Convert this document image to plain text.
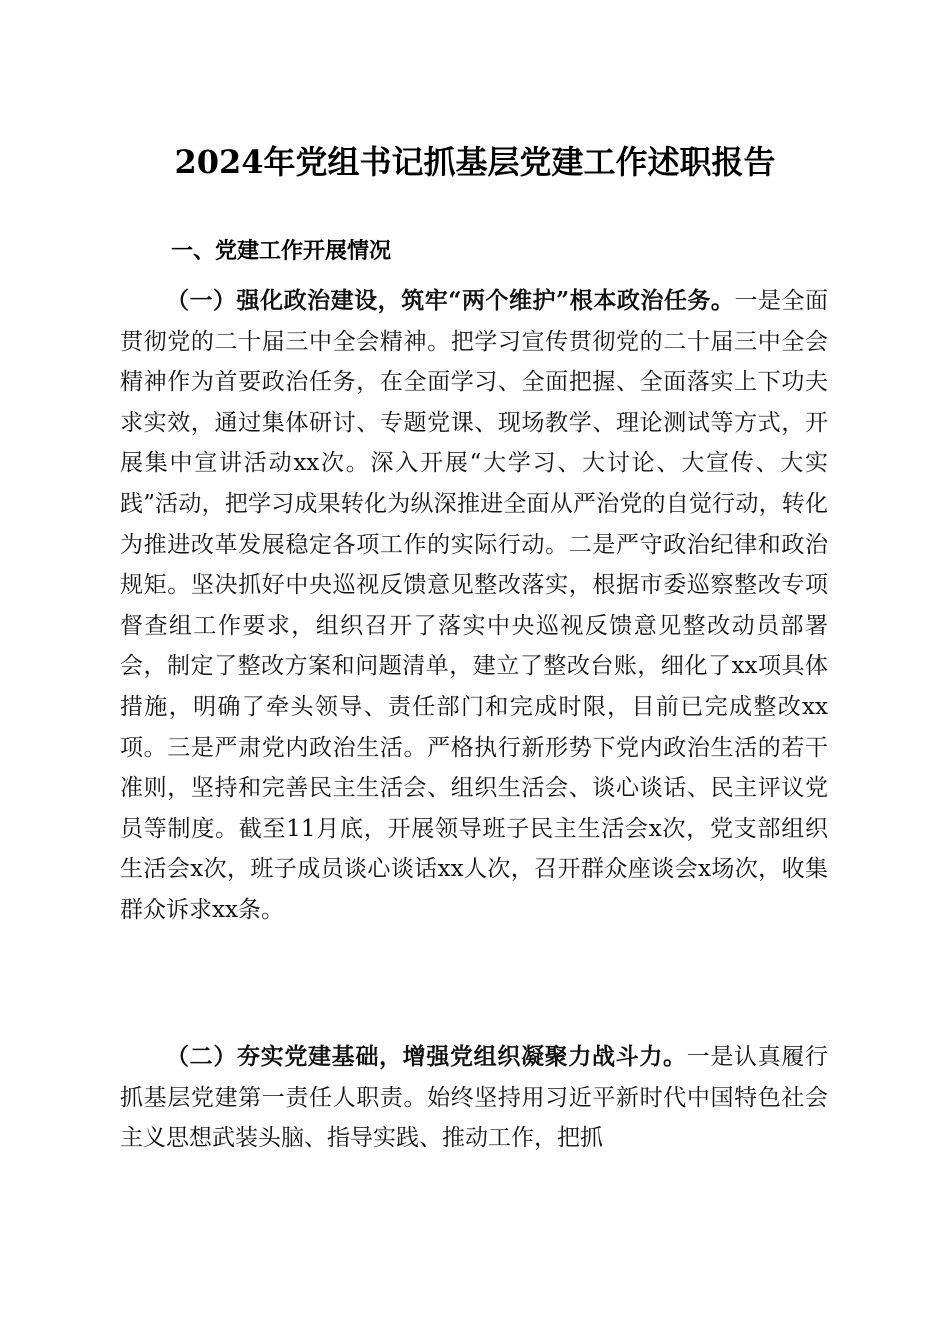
2024年党组书记抓基层党建工作述职报告
一、党建工作开展情况

（一）强化政治建设，筑牢“两个维护”根本政治任务。一是全面贯彻党的二十届三中全会精神。把学习宣传贯彻党的二十届三中全会精神作为首要政治任务，在全面学习、全面把握、全面落实上下功夫求实效，通过集体研讨、专题党课、现场教学、理论测试等方式，开展集中宣讲活动xx次。深入开展“大学习、大讨论、大宣传、大实践”活动，把学习成果转化为纵深推进全面从严治党的自觉行动，转化为推进改革发展稳定各项工作的实际行动。二是严守政治纪律和政治规矩。坚决抓好中央巡视反馈意见整改落实，根据市委巡察整改专项督查组工作要求，组织召开了落实中央巡视反馈意见整改动员部署会，制定了整改方案和问题清单，建立了整改台账，细化了xx项具体措施，明确了牵头领导、责任部门和完成时限，目前已完成整改xx项。三是严肃党内政治生活。严格执行新形势下党内政治生活的若干准则，坚持和完善民主生活会、组织生活会、谈心谈话、民主评议党员等制度。截至11月底，开展领导班子民主生活会x次，党支部组织生活会x次，班子成员谈心谈话xx人次，召开群众座谈会x场次，收集群众诉求xx条。

（二）夯实党建基础，增强党组织凝聚力战斗力。一是认真履行抓基层党建第一责任人职责。始终坚持用习近平新时代中国特色社会主义思想武装头脑、指导实践、推动工作，把抓
